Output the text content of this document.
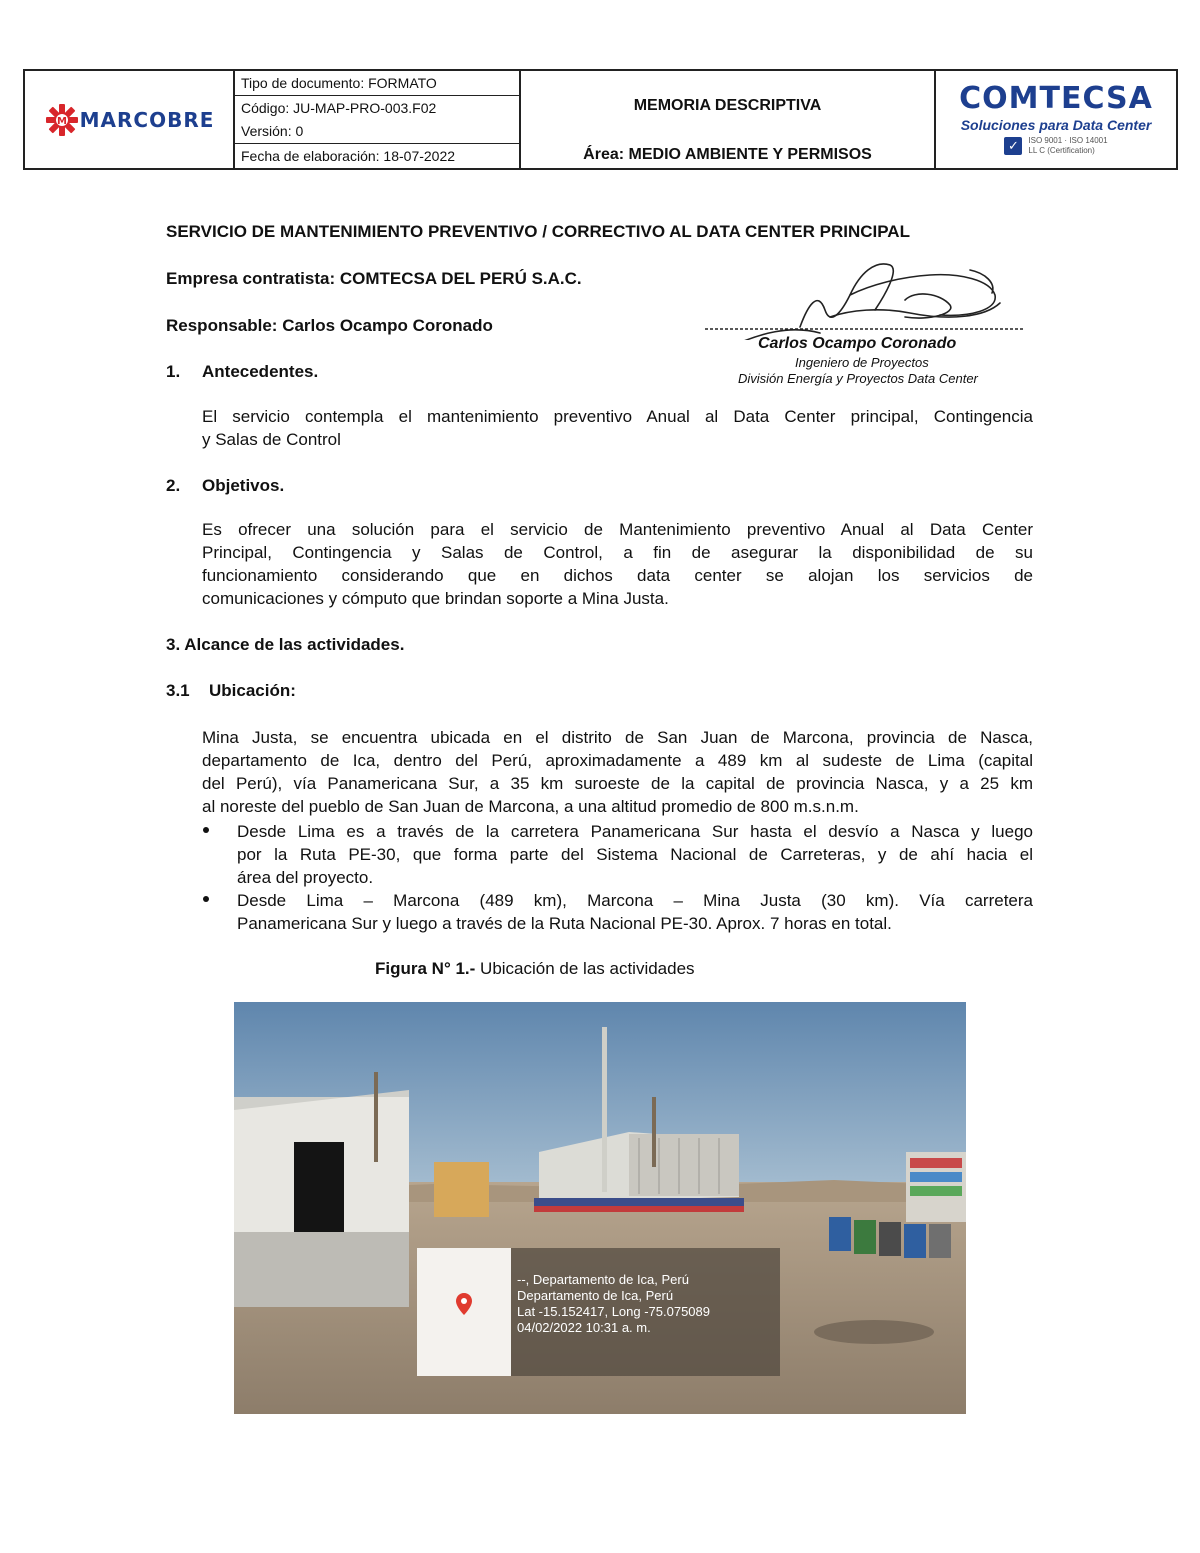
M MARCOBRE
Tipo de documento: FORMATO
Código: JU-MAP-PRO-003.F02
Versión: 0
Fecha de elaboración: 18-07-2022
MEMORIA DESCRIPTIVA
Área: MEDIO AMBIENTE Y PERMISOS
COMTECSA
Soluciones para Data Center
✓	ISO 9001 · ISO 14001
LL C (Certification)
SERVICIO DE MANTENIMIENTO PREVENTIVO / CORRECTIVO AL DATA CENTER PRINCIPAL
Empresa contratista: COMTECSA DEL PERÚ S.A.C.
Responsable: Carlos Ocampo Coronado
Carlos Ocampo Coronado
Ingeniero de Proyectos
División Energía y Proyectos Data Center
1. Antecedentes.
El servicio contempla el mantenimiento preventivo Anual al Data Center principal, Contingencia
y Salas de Control
2. Objetivos.
Es ofrecer una solución para el servicio de Mantenimiento preventivo Anual al Data Center
Principal, Contingencia y Salas de Control, a fin de asegurar la disponibilidad de su
funcionamiento considerando que en dichos data center se alojan los servicios de
comunicaciones y cómputo que brindan soporte a Mina Justa.
3. Alcance de las actividades.
3.1 Ubicación:
Mina Justa, se encuentra ubicada en el distrito de San Juan de Marcona, provincia de Nasca,
departamento de Ica, dentro del Perú, aproximadamente a 489 km al sudeste de Lima (capital
del Perú), vía Panamericana Sur, a 35 km suroeste de la capital de provincia Nasca, y a 25 km
al noreste del pueblo de San Juan de Marcona, a una altitud promedio de 800 m.s.n.m.
Desde Lima es a través de la carretera Panamericana Sur hasta el desvío a Nasca y luego
por la Ruta PE-30, que forma parte del Sistema Nacional de Carreteras, y de ahí hacia el
área del proyecto.
Desde Lima – Marcona (489 km), Marcona – Mina Justa (30 km). Vía carretera
Panamericana Sur y luego a través de la Ruta Nacional PE-30. Aprox. 7 horas en total.
Figura N° 1.- Ubicación de las actividades
--, Departamento de Ica, Perú
Departamento de Ica, Perú
Lat -15.152417, Long -75.075089
04/02/2022 10:31 a. m.
